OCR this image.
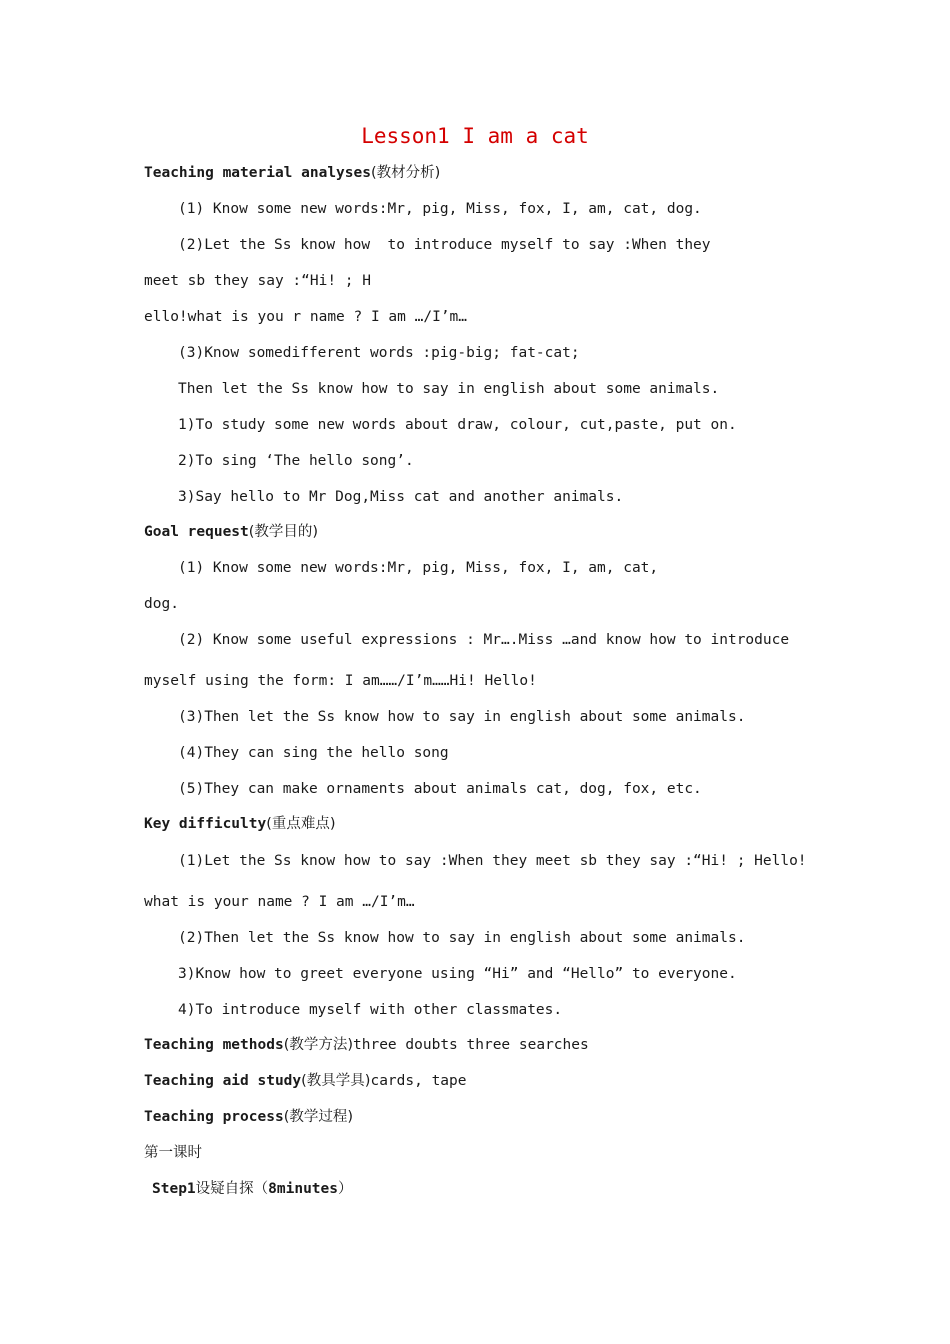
Lesson1 I am a cat
Teaching material analyses(教材分析)
(1) Know some new words:Mr, pig, Miss, fox, I, am, cat, dog.
(2)Let the Ss know how  to introduce myself to say :When they
meet sb they say :“Hi! ; H
ello!what is you r name ? I am …/I’m…
(3)Know somedifferent words :pig-big; fat-cat;
Then let the Ss know how to say in english about some animals.
1)To study some new words about draw, colour, cut,paste, put on.
2)To sing ‘The hello song’.
3)Say hello to Mr Dog,Miss cat and another animals.
Goal request(教学目的)
(1) Know some new words:Mr, pig, Miss, fox, I, am, cat,
dog.
(2) Know some useful expressions : Mr….Miss …and know how to introduce
myself using the form: I am……/I’m……Hi! Hello!
(3)Then let the Ss know how to say in english about some animals.
(4)They can sing the hello song
(5)They can make ornaments about animals cat, dog, fox, etc.
Key difficulty(重点难点)
(1)Let the Ss know how to say :When they meet sb they say :“Hi! ; Hello!
what is your name ? I am …/I’m…
(2)Then let the Ss know how to say in english about some animals.
3)Know how to greet everyone using “Hi” and “Hello” to everyone.
4)To introduce myself with other classmates.
Teaching methods(教学方法)three doubts three searches
Teaching aid study(教具学具)cards, tape
Teaching process(教学过程)
第一课时
Step1设疑自探（8minutes）
